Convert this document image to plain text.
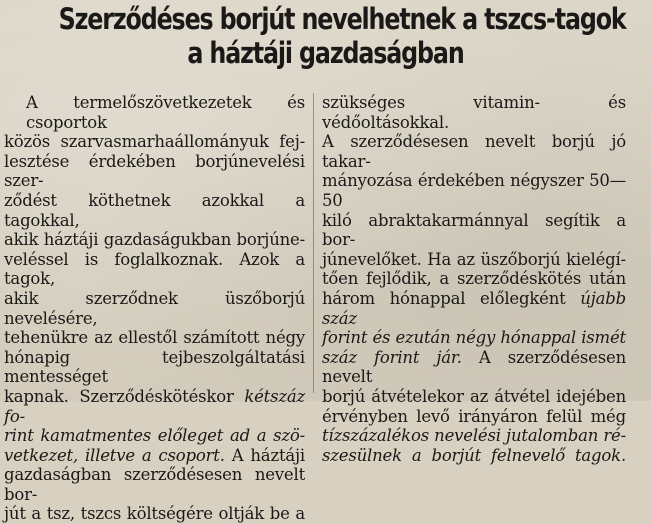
Szerződéses borjút nevelhetnek a tszcs-tagok
a háztáji gazdaságban
A termelőszövetkezetek és csoportok
közös szarvasmarhaállományuk fej-
lesztése érdekében borjúnevelési szer-
ződést köthetnek azokkal a tagokkal,
akik háztáji gazdaságukban borjúne-
veléssel is foglalkoznak. Azok a tagok,
akik szerződnek üszőborjú nevelésére,
tehenükre az ellestől számított négy
hónapig tejbeszolgáltatási mentességet
kapnak. Szerződéskötéskor kétszáz fo-
rint kamatmentes előleget ad a szö-
vetkezet, illetve a csoport. A háztáji
gazdaságban szerződésesen nevelt bor-
jút a tsz, tszcs költségére oltják be a
szükséges vitamin- és védőoltásokkal.
A szerződésesen nevelt borjú jó takar-
mányozása érdekében négyszer 50—50
kiló abraktakarmánnyal segítik a bor-
júnevelőket. Ha az üszőborjú kielégí-
tően fejlődik, a szerződéskötés után
három hónappal előlegként újabb száz
forint és ezután négy hónappal ismét
száz forint jár. A szerződésesen nevelt
borjú átvételekor az átvétel idejében
érvényben levő irányáron felül még
tízszázalékos nevelési jutalomban ré-
szesülnek a borjút felnevelő tagok.
